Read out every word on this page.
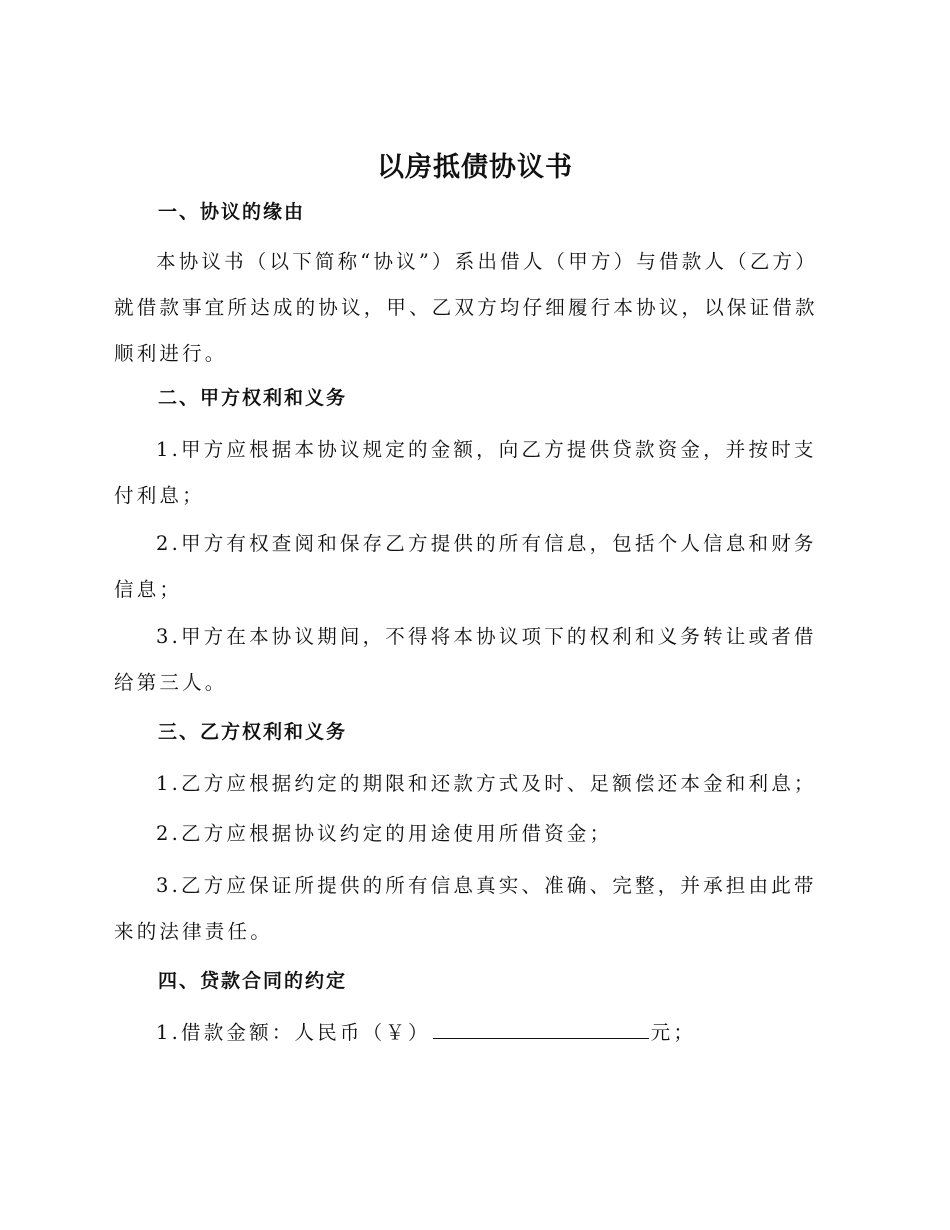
以房抵债协议书
一、协议的缘由

本协议书（以下简称“协议”）系出借人（甲方）与借款人（乙方）就借款事宜所达成的协议，甲、乙双方均仔细履行本协议，以保证借款顺利进行。

二、甲方权利和义务

1.甲方应根据本协议规定的金额，向乙方提供贷款资金，并按时支付利息；

2.甲方有权查阅和保存乙方提供的所有信息，包括个人信息和财务信息；

3.甲方在本协议期间，不得将本协议项下的权利和义务转让或者借给第三人。

三、乙方权利和义务

1.乙方应根据约定的期限和还款方式及时、足额偿还本金和利息；

2.乙方应根据协议约定的用途使用所借资金；

3.乙方应保证所提供的所有信息真实、准确、完整，并承担由此带来的法律责任。

四、贷款合同的约定

1.借款金额：人民币（￥）	元；
